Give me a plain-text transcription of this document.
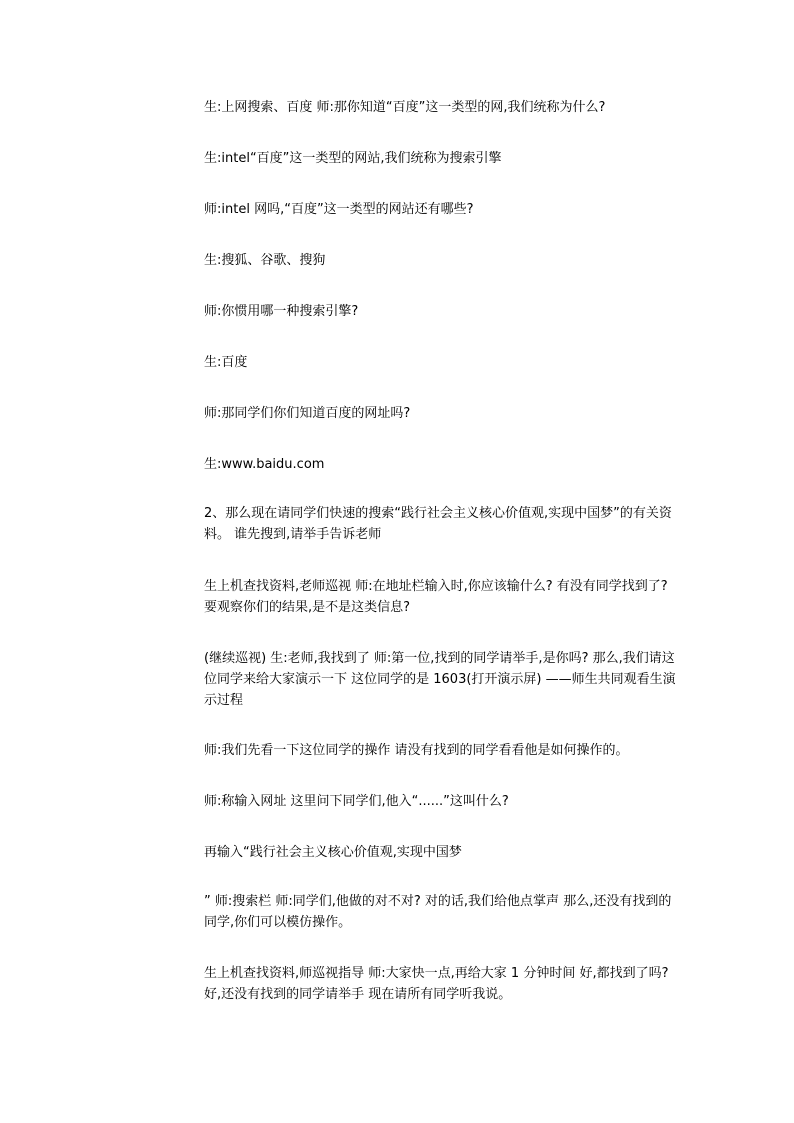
生:上网搜索、百度 师:那你知道“百度”这一类型的网,我们统称为什么?
生:intel“百度”这一类型的网站,我们统称为搜索引擎
师:intel 网吗,“百度”这一类型的网站还有哪些?
生:搜狐、谷歌、搜狗
师:你惯用哪一种搜索引擎?
生:百度
师:那同学们你们知道百度的网址吗?
生:www.baidu.com
2、那么现在请同学们快速的搜索“践行社会主义核心价值观,实现中国梦”的有关资料。 谁先搜到,请举手告诉老师
生上机查找资料,老师巡视 师:在地址栏输入时,你应该输什么? 有没有同学找到了? 要观察你们的结果,是不是这类信息?
(继续巡视) 生:老师,我找到了 师:第一位,找到的同学请举手,是你吗? 那么,我们请这位同学来给大家演示一下 这位同学的是 1603(打开演示屏) ——师生共同观看生演示过程
师:我们先看一下这位同学的操作 请没有找到的同学看看他是如何操作的。
师:称输入网址 这里问下同学们,他入“......”这叫什么?
再输入“践行社会主义核心价值观,实现中国梦
” 师:搜索栏 师:同学们,他做的对不对? 对的话,我们给他点掌声 那么,还没有找到的同学,你们可以模仿操作。
生上机查找资料,师巡视指导 师:大家快一点,再给大家 1 分钟时间 好,都找到了吗? 好,还没有找到的同学请举手 现在请所有同学听我说。
